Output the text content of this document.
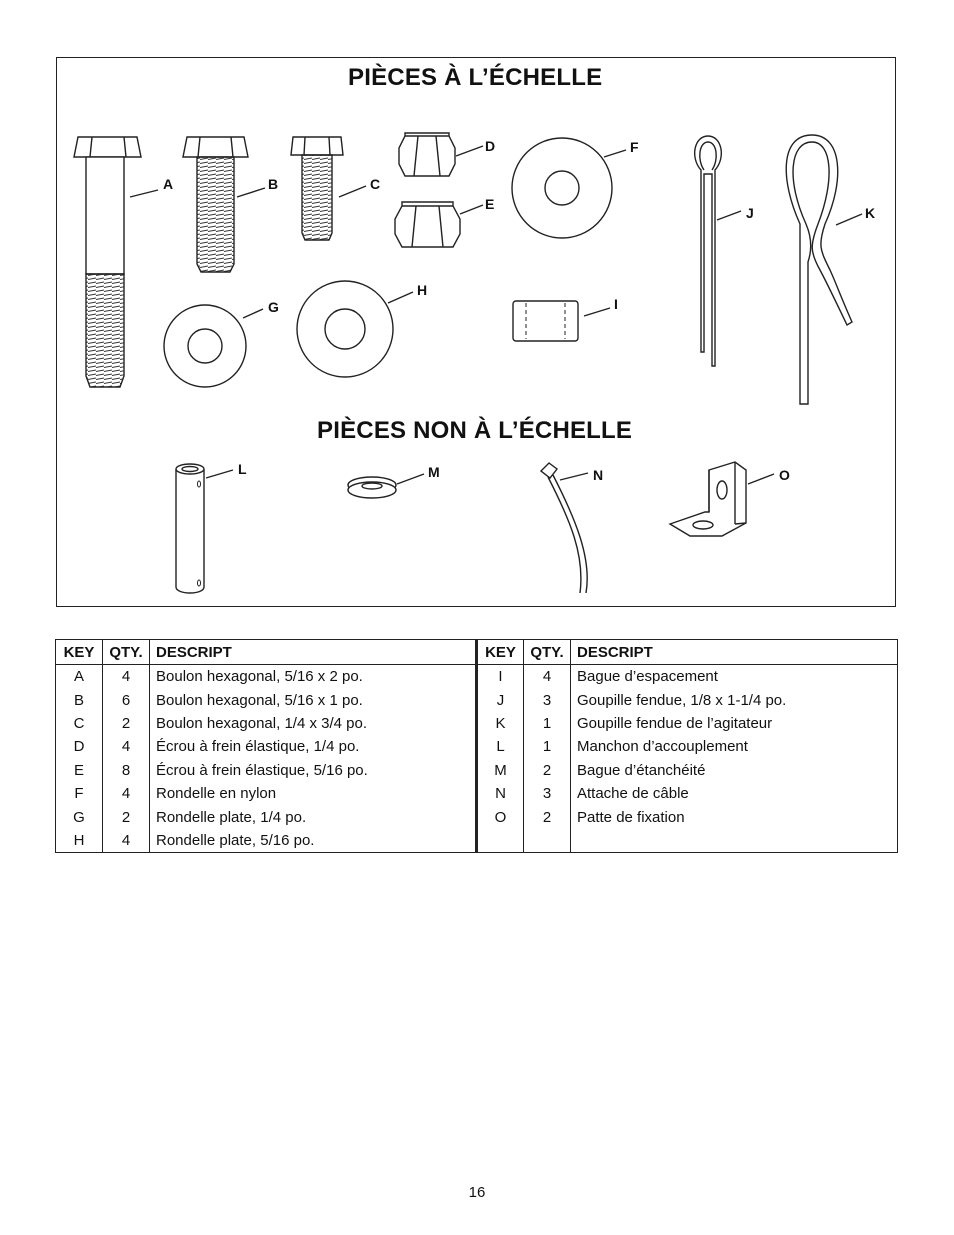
PIÈCES À L’ÉCHELLE
PIÈCES NON À L’ÉCHELLE
A	B	C
D
E
F
G
H
I
J	K
L	M	N	O
KEY	QTY.	DESCRIPT	KEY	QTY.	DESCRIPT
A	4	Boulon hexagonal, 5/16 x 2 po.	I	4	Bague d’espacement
B	6	Boulon hexagonal, 5/16 x 1 po.	J	3	Goupille fendue, 1/8 x 1-1/4 po.
C	2	Boulon hexagonal, 1/4 x 3/4 po.	K	1	Goupille fendue de l’agitateur
D	4	Écrou à frein élastique, 1/4 po.	L	1	Manchon d’accouplement
E	8	Écrou à frein élastique, 5/16 po.	M	2	Bague d’étanchéité
F	4	Rondelle en nylon	N	3	Attache de câble
G	2	Rondelle plate, 1/4 po.	O	2	Patte de fixation
H	4	Rondelle plate, 5/16 po.			
16
